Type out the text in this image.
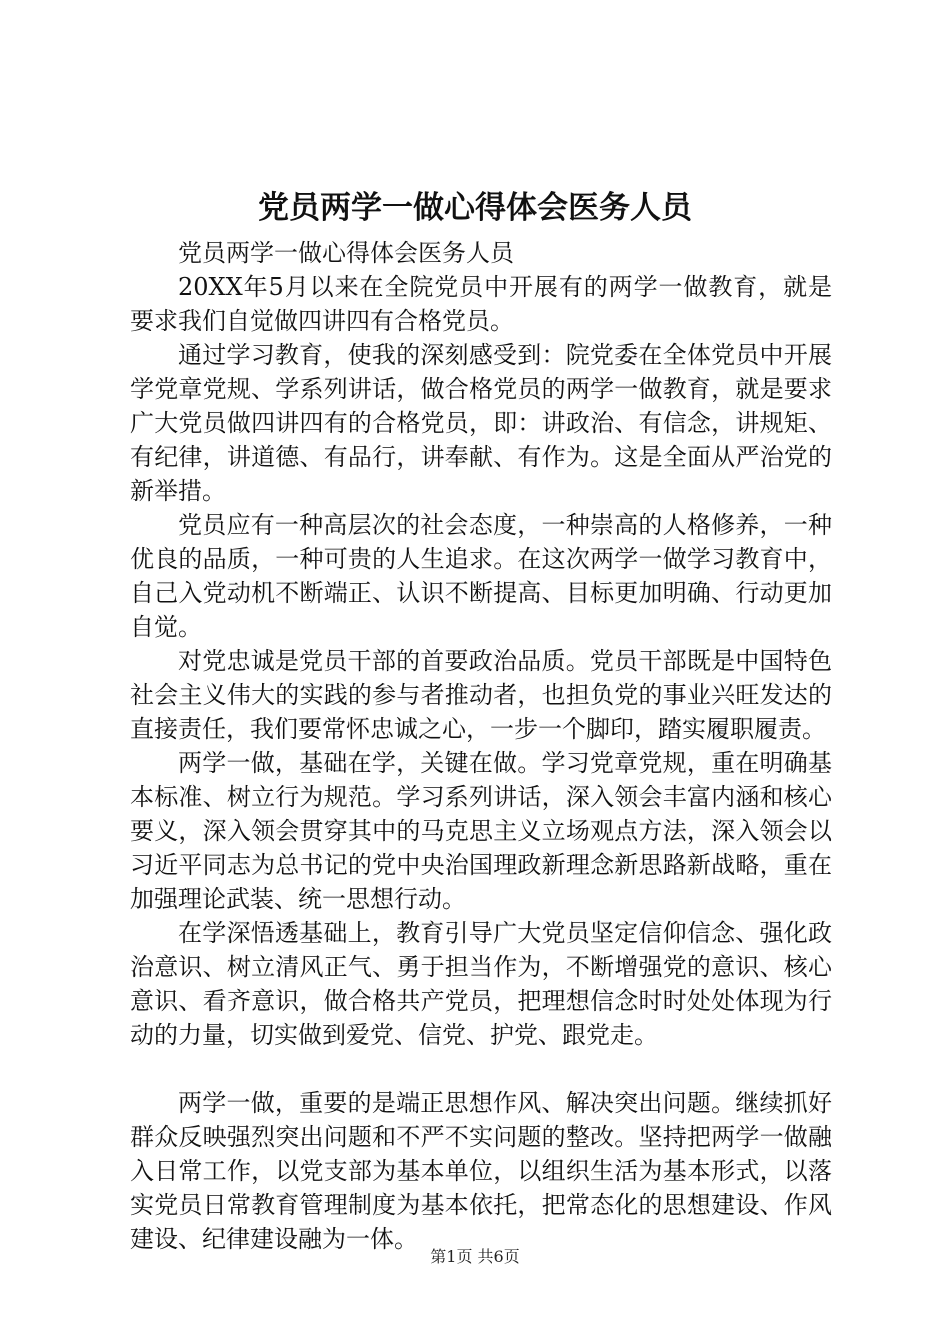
党员两学一做心得体会医务人员

党员两学一做心得体会医务人员

20XX年5月以来在全院党员中开展有的两学一做教育，就是要求我们自觉做四讲四有合格党员。

通过学习教育，使我的深刻感受到：院党委在全体党员中开展学党章党规、学系列讲话，做合格党员的两学一做教育，就是要求广大党员做四讲四有的合格党员，即：讲政治、有信念，讲规矩、有纪律，讲道德、有品行，讲奉献、有作为。这是全面从严治党的新举措。

党员应有一种高层次的社会态度，一种崇高的人格修养，一种优良的品质，一种可贵的人生追求。在这次两学一做学习教育中，自己入党动机不断端正、认识不断提高、目标更加明确、行动更加自觉。

对党忠诚是党员干部的首要政治品质。党员干部既是中国特色社会主义伟大的实践的参与者推动者，也担负党的事业兴旺发达的直接责任，我们要常怀忠诚之心，一步一个脚印，踏实履职履责。

两学一做，基础在学，关键在做。学习党章党规，重在明确基本标准、树立行为规范。学习系列讲话，深入领会丰富内涵和核心要义，深入领会贯穿其中的马克思主义立场观点方法，深入领会以习近平同志为总书记的党中央治国理政新理念新思路新战略，重在加强理论武装、统一思想行动。

在学深悟透基础上，教育引导广大党员坚定信仰信念、强化政治意识、树立清风正气、勇于担当作为，不断增强党的意识、核心意识、看齐意识，做合格共产党员，把理想信念时时处处体现为行动的力量，切实做到爱党、信党、护党、跟党走。

两学一做，重要的是端正思想作风、解决突出问题。继续抓好群众反映强烈突出问题和不严不实问题的整改。坚持把两学一做融入日常工作，以党支部为基本单位，以组织生活为基本形式，以落实党员日常教育管理制度为基本依托，把常态化的思想建设、作风建设、纪律建设融为一体。

第1页 共6页
